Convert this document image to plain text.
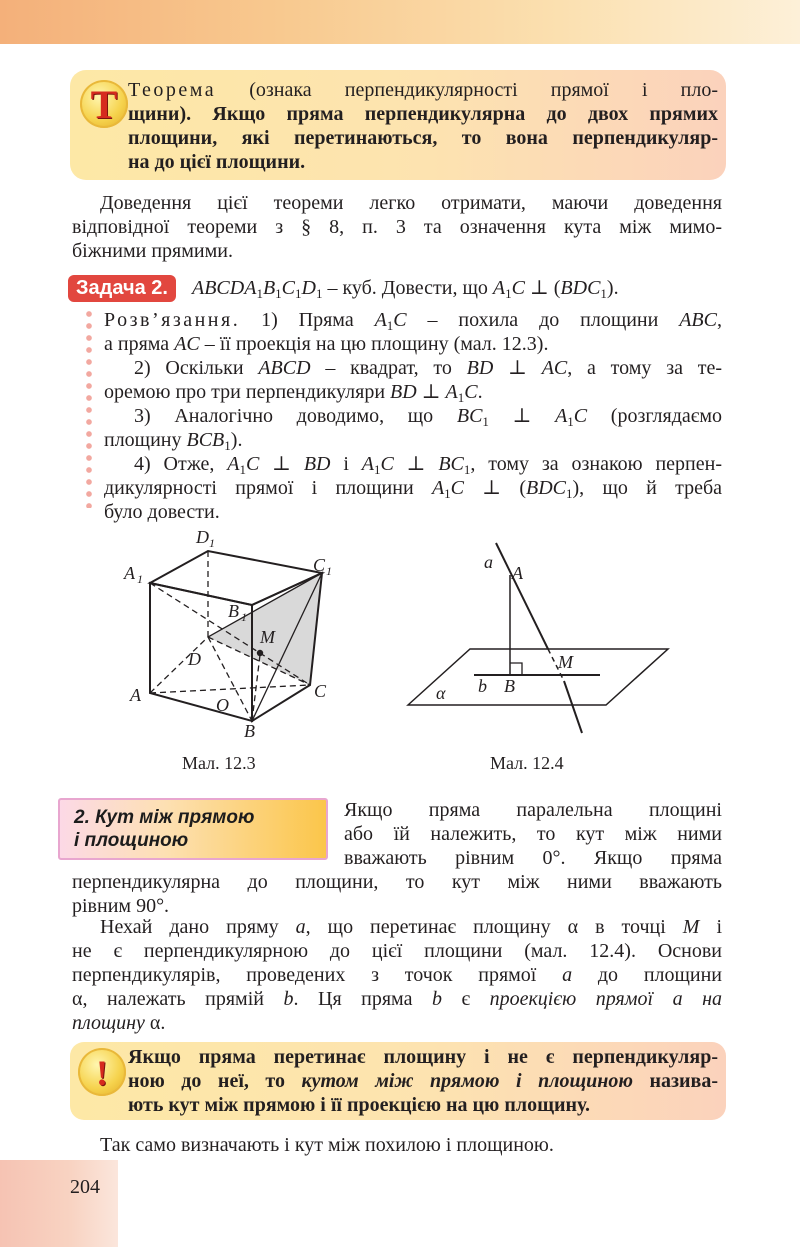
Т Теорема (ознака перпендикулярності прямої і пло-
щини). Якщо пряма перпендикулярна до двох прямих
площини, які перетинаються, то вона перпендикуляр-
на до цієї площини.
Доведення цієї теореми легко отримати, маючи доведення
відповідної теореми з § 8, п. 3 та означення кута між мимо-
біжними прямими.
Задача 2.	$ABCDA_1B_1C_1D_1$ – куб. Довести, що $A_1C$ ⊥ $(BDC_1)$.
Розв’язання. 1) Пряма $A_1C$ – похила до площини ABC,
а пряма AC – її проекція на цю площину (мал. 12.3).
2) Оскільки ABCD – квадрат, то BD ⊥ AC, а тому за те-
оремою про три перпендикуляри BD ⊥ $A_1C$.
3) Аналогічно доводимо, що $BC_1$ ⊥ $A_1C$ (розглядаємо
площину $BCB_1$).
4) Отже, $A_1C$ ⊥ BD і $A_1C$ ⊥ $BC_1$, тому за ознакою перпен-
дикулярності прямої і площини $A_1C$ ⊥ $(BDC_1)$, що й треба
було довести.
D 1
A 1
C 1
B 1
M
D
A	C
O
B
Мал. 12.3
a
A
M
b B
α
Мал. 12.4
2. Кут між прямою
і площиною
Якщо пряма паралельна площині
або їй належить, то кут між ними
вважають рівним 0°. Якщо пряма
перпендикулярна до площини, то кут між ними вважають
рівним 90°.
Нехай дано пряму a, що перетинає площину α в точці M і
не є перпендикулярною до цієї площини (мал. 12.4). Основи
перпендикулярів, проведених з точок прямої a до площини
α, належать прямій b. Ця пряма b є проекцією прямої a на
площину α.
!	Якщо пряма перетинає площину і не є перпендикуляр-
ною до неї, то кутом між прямою і площиною назива-
ють кут між прямою і її проекцією на цю площину.
Так само визначають і кут між похилою і площиною.
204
